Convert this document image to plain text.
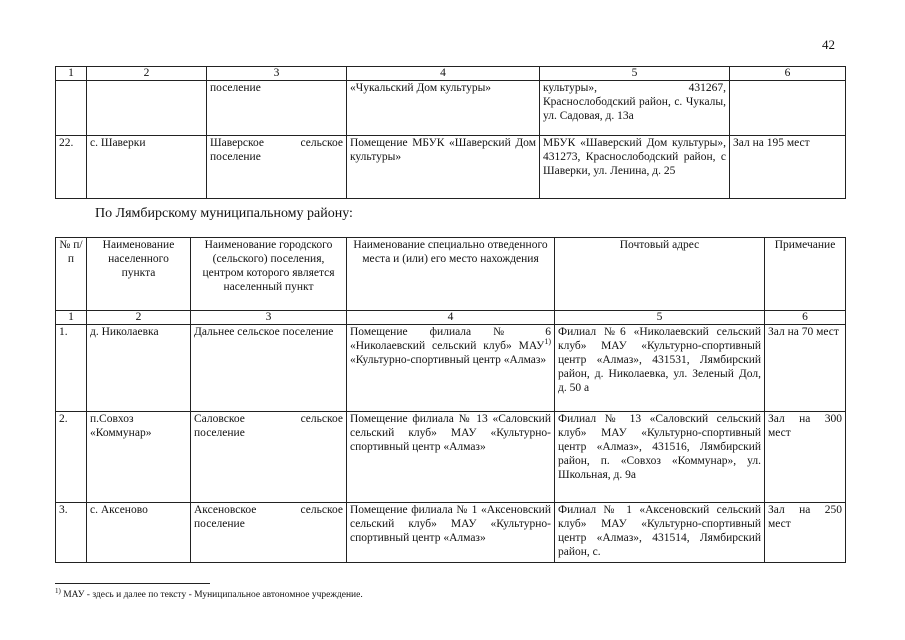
42
1	2	3	4	5	6
		поселение	«Чукальский Дом культуры»	культуры», 431267, Краснослободский район, с. Чукалы, ул. Садовая, д. 13а	
22.	с. Шаверки	Шаверское сельское поселение	Помещение МБУК «Шаверский Дом культуры»	МБУК «Шаверский Дом культуры», 431273, Краснослободский район, с Шаверки, ул. Ленина, д. 25	Зал на 195 мест
По Лямбирскому муниципальному району:
№ п/п	Наименование населенного пункта	Наименование городского (сельского) поселения, центром которого является населенный пункт	Наименование специально отведенного места и (или) его место нахождения	Почтовый адрес	Примечание
1	2	3	4	5	6
1.	д. Николаевка	Дальнее сельское поселение	Помещение филиала № 6 «Николаевский сельский клуб» МАУ$^{1)}$ «Культурно-спортивный центр «Алмаз»	Филиал №6 «Николаевский сельский клуб» МАУ «Культурно-спортивный центр «Алмаз», 431531, Лямбирский район, д. Николаевка, ул. Зеленый Дол, д. 50 а	Зал на 70 мест
2.	п.Совхоз «Коммунар»	Саловское сельское поселение	Помещение филиала № 13 «Саловский сельский клуб» МАУ «Культурно-спортивный центр «Алмаз»	Филиал № 13 «Саловский сельский клуб» МАУ «Культурно-спортивный центр «Алмаз», 431516, Лямбирский район, п. «Совхоз «Коммунар», ул. Школьная, д. 9а	Зал на 300 мест
3.	с. Аксеново	Аксеновское сельское поселение	Помещение филиала № 1 «Аксеновский сельский клуб» МАУ «Культурно-спортивный центр «Алмаз»	Филиал № 1 «Аксеновский сельский клуб» МАУ «Культурно-спортивный центр «Алмаз», 431514, Лямбирский район, с.	Зал на 250 мест
$^{1)}$ МАУ - здесь и далее по тексту - Муниципальное автономное учреждение.
